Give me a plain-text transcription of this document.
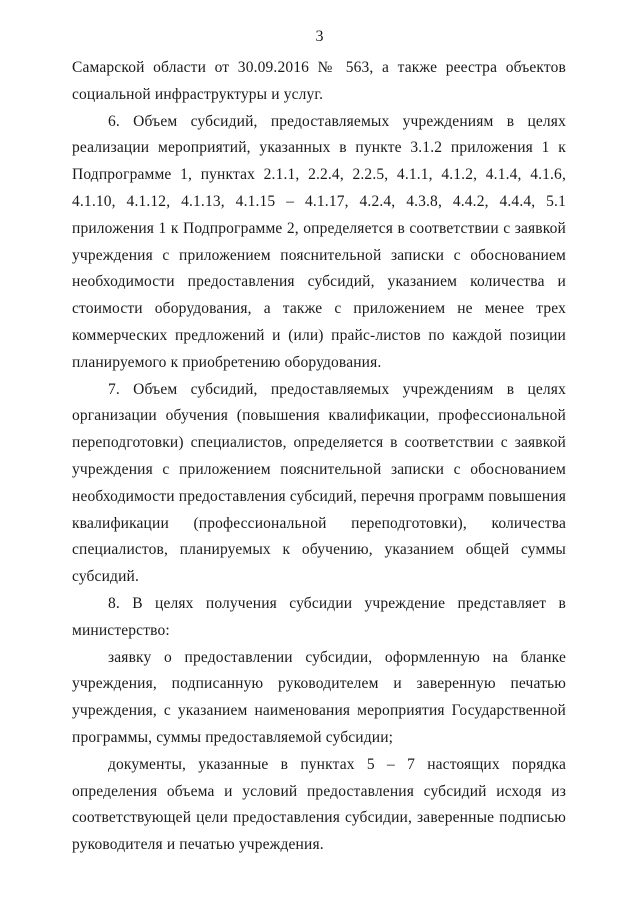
3

Самарской области от 30.09.2016 № 563, а также реестра объектов социальной инфраструктуры и услуг.

6. Объем субсидий, предоставляемых учреждениям в целях реализации мероприятий, указанных в пункте 3.1.2 приложения 1 к Подпрограмме 1, пунктах 2.1.1, 2.2.4, 2.2.5, 4.1.1, 4.1.2, 4.1.4, 4.1.6, 4.1.10, 4.1.12, 4.1.13, 4.1.15 – 4.1.17, 4.2.4, 4.3.8, 4.4.2, 4.4.4, 5.1 приложения 1 к Подпрограмме 2, определяется в соответствии с заявкой учреждения с приложением пояснительной записки с обоснованием необходимости предоставления субсидий, указанием количества и стоимости оборудования, а также с приложением не менее трех коммерческих предложений и (или) прайс-листов по каждой позиции планируемого к приобретению оборудования.

7. Объем субсидий, предоставляемых учреждениям в целях организации обучения (повышения квалификации, профессиональной переподготовки) специалистов, определяется в соответствии с заявкой учреждения с приложением пояснительной записки с обоснованием необходимости предоставления субсидий, перечня программ повышения квалификации (профессиональной переподготовки), количества специалистов, планируемых к обучению, указанием общей суммы субсидий.

8. В целях получения субсидии учреждение представляет в министерство:

заявку о предоставлении субсидии, оформленную на бланке учреждения, подписанную руководителем и заверенную печатью учреждения, с указанием наименования мероприятия Государственной программы, суммы предоставляемой субсидии;

документы, указанные в пунктах 5 – 7 настоящих порядка определения объема и условий предоставления субсидий исходя из соответствующей цели предоставления субсидии, заверенные подписью руководителя и печатью учреждения.
